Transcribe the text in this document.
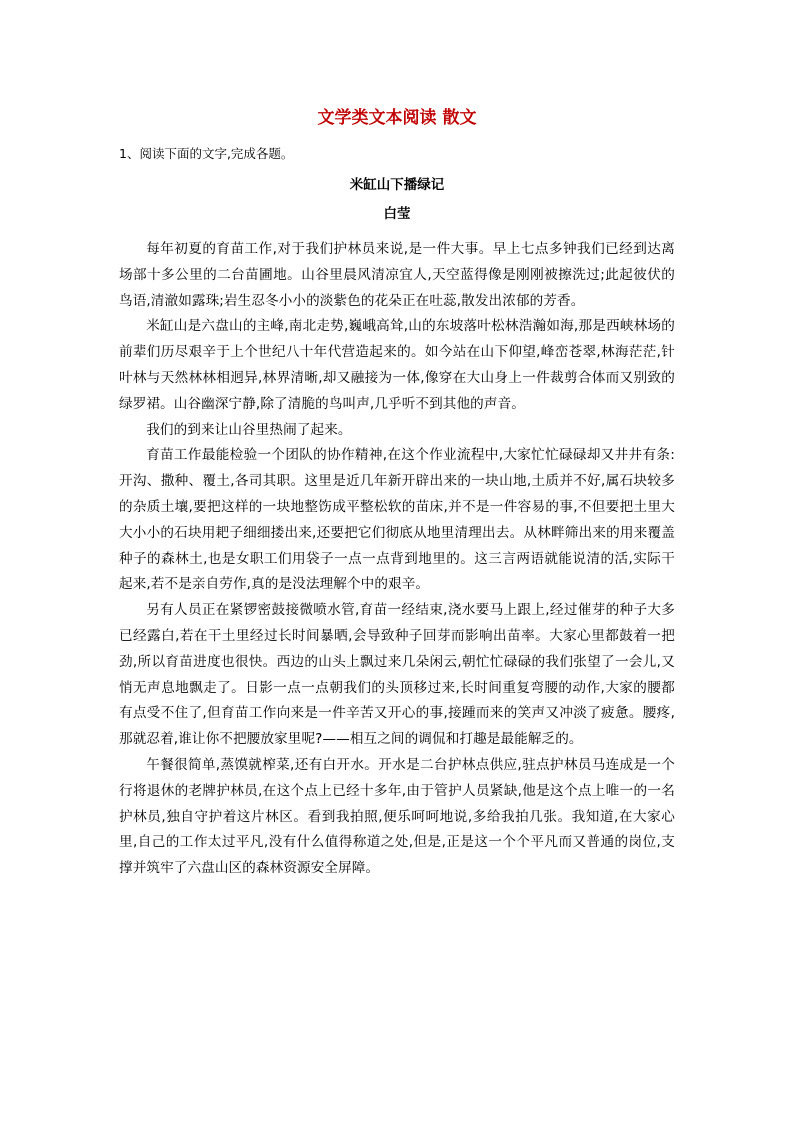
文学类文本阅读 散文
1、阅读下面的文字,完成各题。
米缸山下播绿记
白莹

每年初夏的育苗工作,对于我们护林员来说,是一件大事。早上七点多钟我们已经到达离场部十多公里的二台苗圃地。山谷里晨风清凉宜人,天空蓝得像是刚刚被擦洗过;此起彼伏的鸟语,清澈如露珠;岩生忍冬小小的淡紫色的花朵正在吐蕊,散发出浓郁的芳香。

米缸山是六盘山的主峰,南北走势,巍峨高耸,山的东坡落叶松林浩瀚如海,那是西峡林场的前辈们历尽艰辛于上个世纪八十年代营造起来的。如今站在山下仰望,峰峦苍翠,林海茫茫,针叶林与天然林林相迥异,林界清晰,却又融接为一体,像穿在大山身上一件裁剪合体而又别致的绿罗裙。山谷幽深宁静,除了清脆的鸟叫声,几乎听不到其他的声音。

我们的到来让山谷里热闹了起来。

育苗工作最能检验一个团队的协作精神,在这个作业流程中,大家忙忙碌碌却又井井有条:开沟、撒种、覆土,各司其职。这里是近几年新开辟出来的一块山地,土质并不好,属石块较多的杂质土壤,要把这样的一块地整饬成平整松软的苗床,并不是一件容易的事,不但要把土里大大小小的石块用耙子细细搂出来,还要把它们彻底从地里清理出去。从林畔筛出来的用来覆盖种子的森林土,也是女职工们用袋子一点一点背到地里的。这三言两语就能说清的活,实际干起来,若不是亲自劳作,真的是没法理解个中的艰辛。

另有人员正在紧锣密鼓接微喷水管,育苗一经结束,浇水要马上跟上,经过催芽的种子大多已经露白,若在干土里经过长时间暴晒,会导致种子回芽而影响出苗率。大家心里都鼓着一把劲,所以育苗进度也很快。西边的山头上飘过来几朵闲云,朝忙忙碌碌的我们张望了一会儿,又悄无声息地飘走了。日影一点一点朝我们的头顶移过来,长时间重复弯腰的动作,大家的腰都有点受不住了,但育苗工作向来是一件辛苦又开心的事,接踵而来的笑声又冲淡了疲惫。腰疼,那就忍着,谁让你不把腰放家里呢?——相互之间的调侃和打趣是最能解乏的。

午餐很简单,蒸馍就榨菜,还有白开水。开水是二台护林点供应,驻点护林员马连成是一个行将退休的老牌护林员,在这个点上已经十多年,由于管护人员紧缺,他是这个点上唯一的一名护林员,独自守护着这片林区。看到我拍照,便乐呵呵地说,多给我拍几张。我知道,在大家心里,自己的工作太过平凡,没有什么值得称道之处,但是,正是这一个个平凡而又普通的岗位,支撑并筑牢了六盘山区的森林资源安全屏障。
